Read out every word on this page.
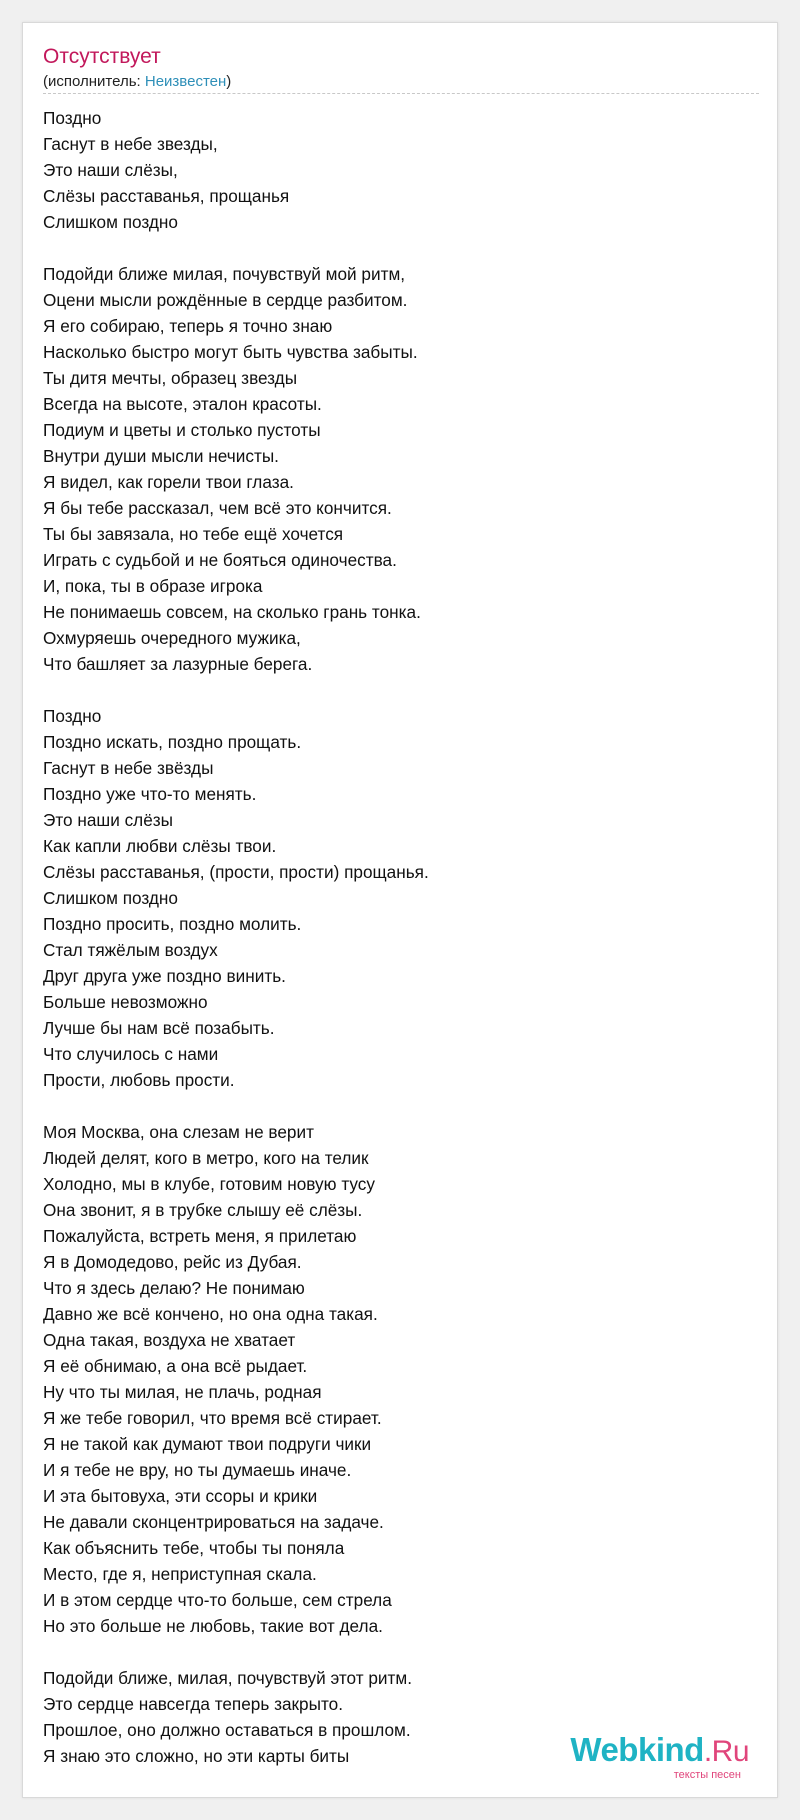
Отсутствует
(исполнитель: Неизвестен)
Поздно
Гаснут в небе звезды,
Это наши слёзы,
Слёзы расставанья, прощанья
Слишком поздно
Подойди ближе милая, почувствуй мой ритм,
Оцени мысли рождённые в сердце разбитом.
Я его собираю, теперь я точно знаю
Насколько быстро могут быть чувства забыты.
Ты дитя мечты, образец звезды
Всегда на высоте, эталон красоты.
Подиум и цветы и столько пустоты
Внутри души мысли нечисты.
Я видел, как горели твои глаза.
Я бы тебе рассказал, чем всё это кончится.
Ты бы завязала, но тебе ещё хочется
Играть с судьбой и не бояться одиночества.
И, пока, ты в образе игрока
Не понимаешь совсем, на сколько грань тонка.
Охмуряешь очередного мужика,
Что башляет за лазурные берега.
Поздно
Поздно искать, поздно прощать.
Гаснут в небе звёзды
Поздно уже что-то менять.
Это наши слёзы
Как капли любви слёзы твои.
Слёзы расставанья, (прости, прости) прощанья.
Слишком поздно
Поздно просить, поздно молить.
Стал тяжёлым воздух
Друг друга уже поздно винить.
Больше невозможно
Лучше бы нам всё позабыть.
Что случилось с нами
Прости, любовь прости.
Моя Москва, она слезам не верит
Людей делят, кого в метро, кого на телик
Холодно, мы в клубе, готовим новую тусу
Она звонит, я в трубке слышу её слёзы.
Пожалуйста, встреть меня, я прилетаю
Я в Домодедово, рейс из Дубая.
Что я здесь делаю? Не понимаю
Давно же всё кончено, но она одна такая.
Одна такая, воздуха не хватает
Я её обнимаю, а она всё рыдает.
Ну что ты милая, не плачь, родная
Я же тебе говорил, что время всё стирает.
Я не такой как думают твои подруги чики
И я тебе не вру, но ты думаешь иначе.
И эта бытовуха, эти ссоры и крики
Не давали сконцентрироваться на задаче.
Как объяснить тебе, чтобы ты поняла
Место, где я, неприступная скала.
И в этом сердце что-то больше, сем стрела
Но это больше не любовь, такие вот дела.
Подойди ближе, милая, почувствуй этот ритм.
Это сердце навсегда теперь закрыто.
Прошлое, оно должно оставаться в прошлом.
Я знаю это сложно, но эти карты биты	Webkind.Ru
тексты песен
